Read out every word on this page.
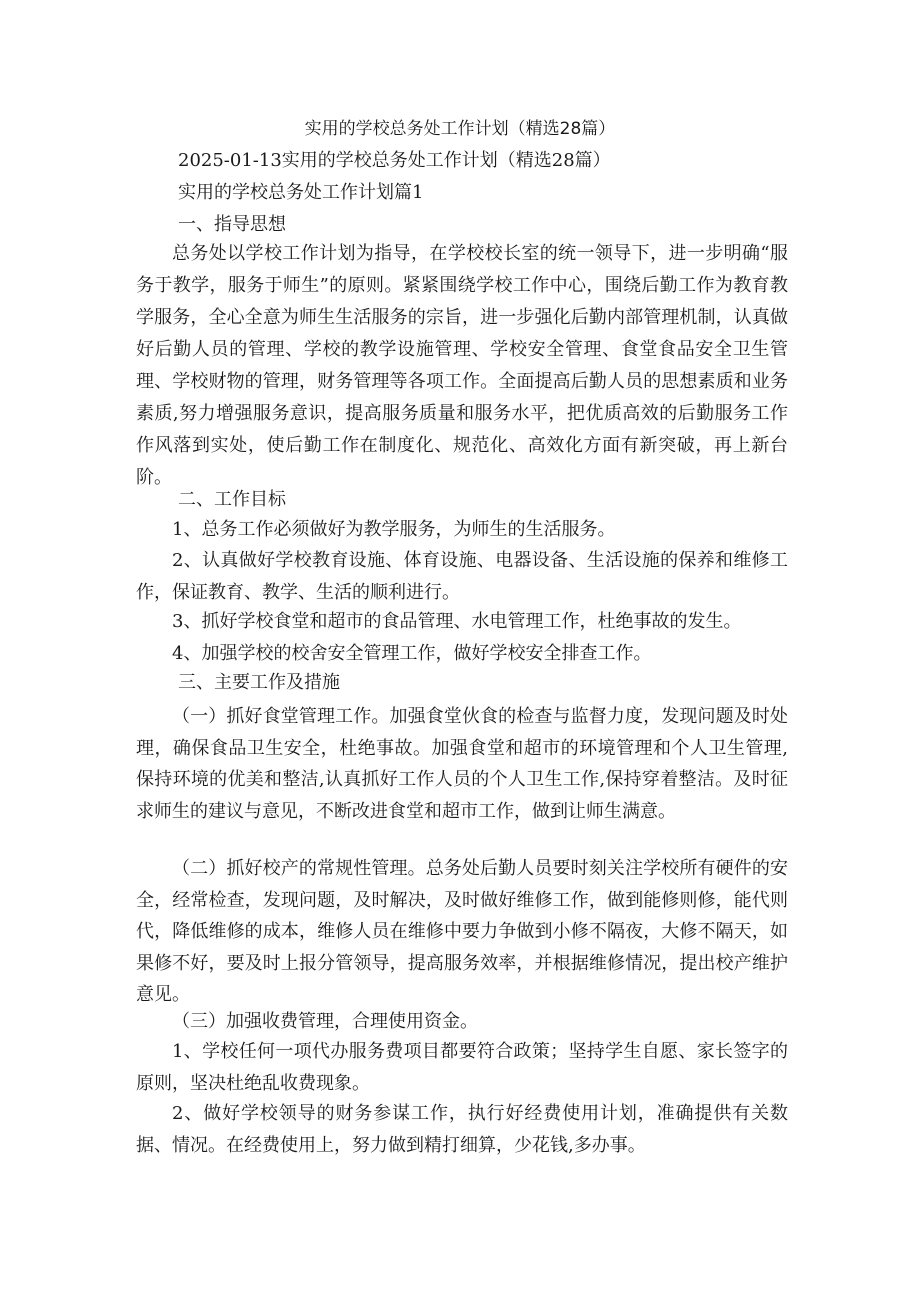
实用的学校总务处工作计划（精选28篇）

2025-01-13实用的学校总务处工作计划（精选28篇）

实用的学校总务处工作计划篇1

一、指导思想

总务处以学校工作计划为指导，在学校校长室的统一领导下，进一步明确“服务于教学，服务于师生”的原则。紧紧围绕学校工作中心，围绕后勤工作为教育教学服务，全心全意为师生生活服务的宗旨，进一步强化后勤内部管理机制，认真做好后勤人员的管理、学校的教学设施管理、学校安全管理、食堂食品安全卫生管理、学校财物的管理，财务管理等各项工作。全面提高后勤人员的思想素质和业务素质,努力增强服务意识，提高服务质量和服务水平，把优质高效的后勤服务工作作风落到实处，使后勤工作在制度化、规范化、高效化方面有新突破，再上新台阶。

二、工作目标

1、总务工作必须做好为教学服务，为师生的生活服务。

2、认真做好学校教育设施、体育设施、电器设备、生活设施的保养和维修工作，保证教育、教学、生活的顺利进行。

3、抓好学校食堂和超市的食品管理、水电管理工作，杜绝事故的发生。

4、加强学校的校舍安全管理工作，做好学校安全排查工作。

三、主要工作及措施

（一）抓好食堂管理工作。加强食堂伙食的检查与监督力度，发现问题及时处理，确保食品卫生安全，杜绝事故。加强食堂和超市的环境管理和个人卫生管理,保持环境的优美和整洁,认真抓好工作人员的个人卫生工作,保持穿着整洁。及时征求师生的建议与意见，不断改进食堂和超市工作，做到让师生满意。

（二）抓好校产的常规性管理。总务处后勤人员要时刻关注学校所有硬件的安全，经常检查，发现问题，及时解决，及时做好维修工作，做到能修则修，能代则代，降低维修的成本，维修人员在维修中要力争做到小修不隔夜，大修不隔天，如果修不好，要及时上报分管领导，提高服务效率，并根据维修情况，提出校产维护意见。

（三）加强收费管理，合理使用资金。

1、学校任何一项代办服务费项目都要符合政策；坚持学生自愿、家长签字的原则，坚决杜绝乱收费现象。

2、做好学校领导的财务参谋工作，执行好经费使用计划，准确提供有关数据、情况。在经费使用上，努力做到精打细算，少花钱,多办事。
